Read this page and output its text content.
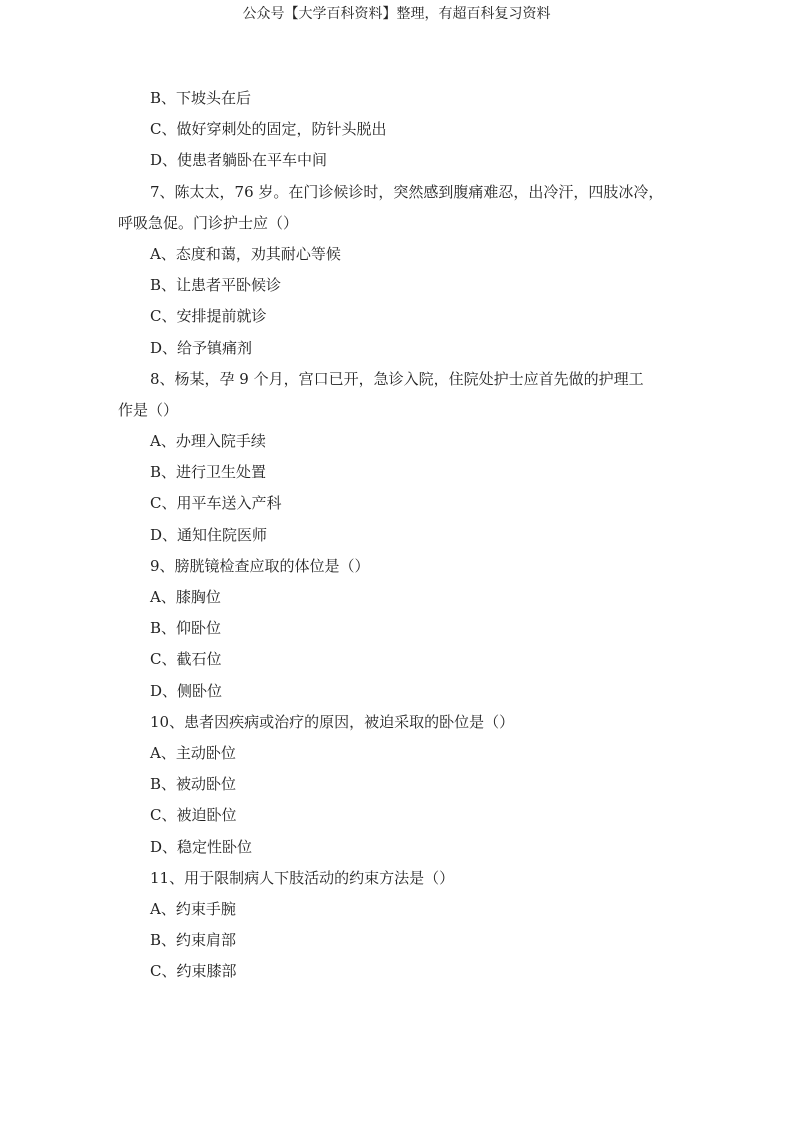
公众号【大学百科资料】整理，有超百科复习资料
B、下坡头在后
C、做好穿刺处的固定，防针头脱出
D、使患者躺卧在平车中间
7、陈太太，76 岁。在门诊候诊时，突然感到腹痛难忍，出冷汗，四肢冰冷，
呼吸急促。门诊护士应（）
A、态度和蔼，劝其耐心等候
B、让患者平卧候诊
C、安排提前就诊
D、给予镇痛剂
8、杨某，孕 9 个月，宫口已开，急诊入院，住院处护士应首先做的护理工
作是（）
A、办理入院手续
B、进行卫生处置
C、用平车送入产科
D、通知住院医师
9、膀胱镜检查应取的体位是（）
A、膝胸位
B、仰卧位
C、截石位
D、侧卧位
10、患者因疾病或治疗的原因，被迫采取的卧位是（）
A、主动卧位
B、被动卧位
C、被迫卧位
D、稳定性卧位
11、用于限制病人下肢活动的约束方法是（）
A、约束手腕
B、约束肩部
C、约束膝部
